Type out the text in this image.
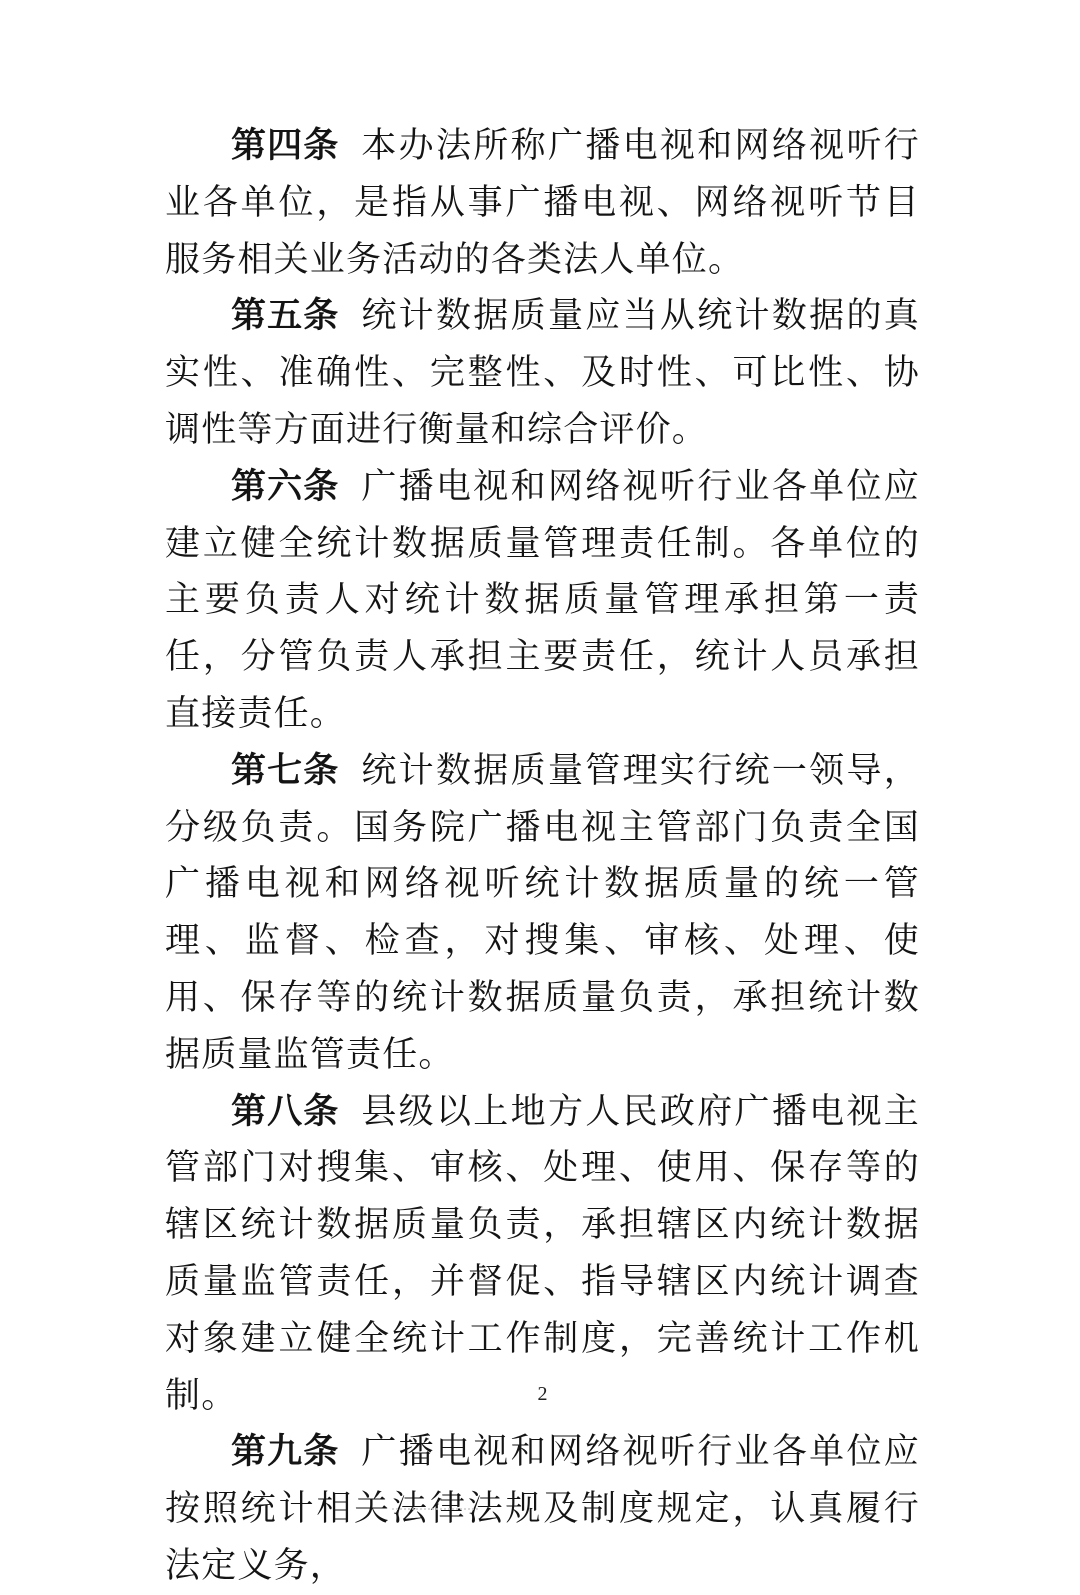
第四条 本办法所称广播电视和网络视听行业各单位，是指从事广播电视、网络视听节目服务相关业务活动的各类法人单位。

第五条 统计数据质量应当从统计数据的真实性、准确性、完整性、及时性、可比性、协调性等方面进行衡量和综合评价。

第六条 广播电视和网络视听行业各单位应建立健全统计数据质量管理责任制。各单位的主要负责人对统计数据质量管理承担第一责任，分管负责人承担主要责任，统计人员承担直接责任。

第七条 统计数据质量管理实行统一领导，分级负责。国务院广播电视主管部门负责全国广播电视和网络视听统计数据质量的统一管理、监督、检查，对搜集、审核、处理、使用、保存等的统计数据质量负责，承担统计数据质量监管责任。

第八条 县级以上地方人民政府广播电视主管部门对搜集、审核、处理、使用、保存等的辖区统计数据质量负责，承担辖区内统计数据质量监管责任，并督促、指导辖区内统计调查对象建立健全统计工作制度，完善统计工作机制。

第九条 广播电视和网络视听行业各单位应按照统计相关法律法规及制度规定，认真履行法定义务，

2
